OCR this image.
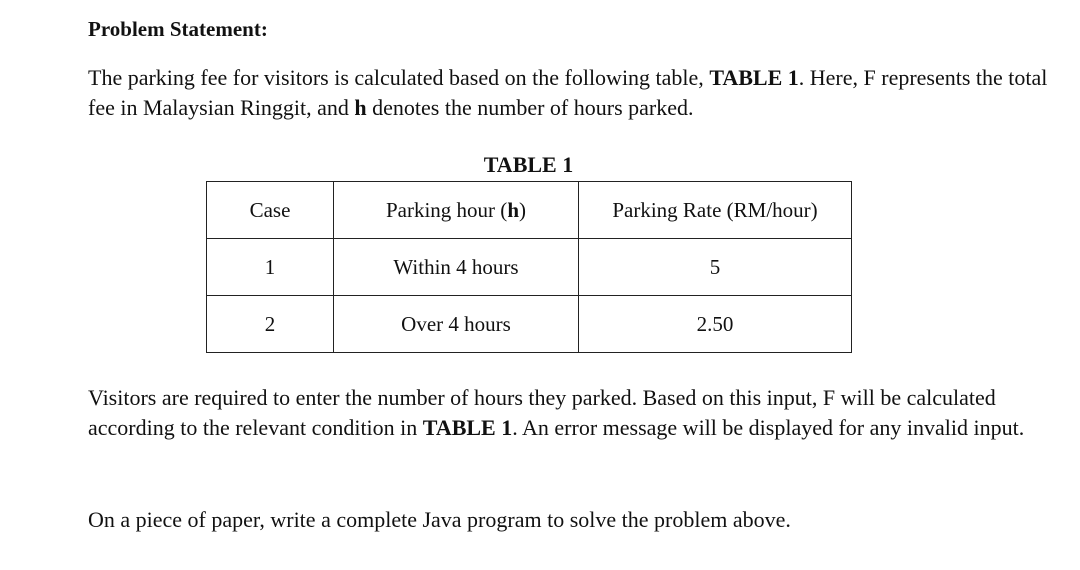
Problem Statement:
The parking fee for visitors is calculated based on the following table, TABLE 1. Here, F represents the total fee in Malaysian Ringgit, and h denotes the number of hours parked.
TABLE 1
Case	Parking hour (h)	Parking Rate (RM/hour)
1	Within 4 hours	5
2	Over 4 hours	2.50
Visitors are required to enter the number of hours they parked. Based on this input, F will be calculated according to the relevant condition in TABLE 1. An error message will be displayed for any invalid input.
On a piece of paper, write a complete Java program to solve the problem above.
